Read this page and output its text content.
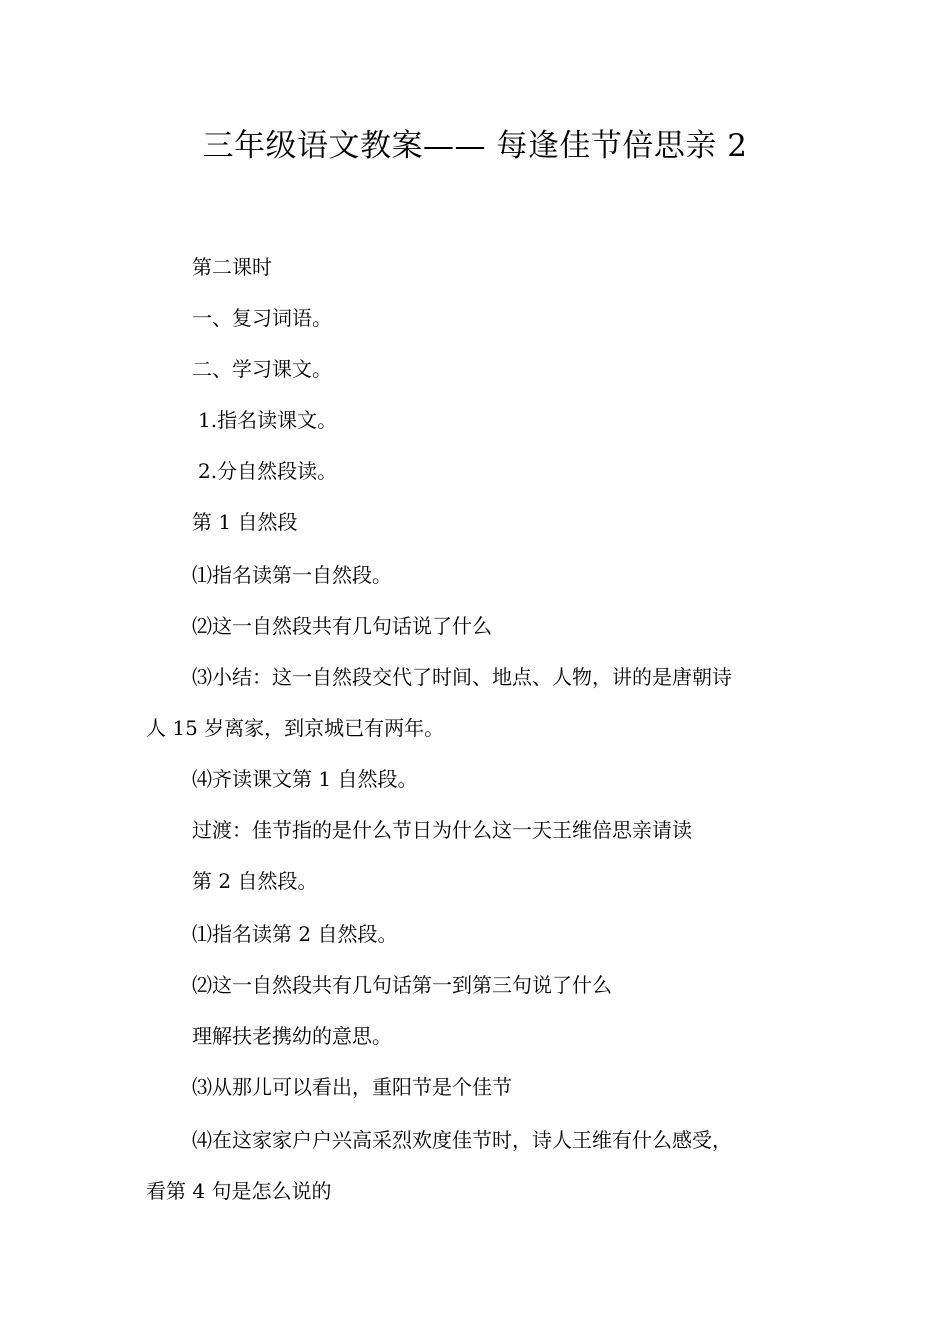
三年级语文教案—— 每逢佳节倍思亲 2
第二课时
一、复习词语。
二、学习课文。
1.指名读课文。
2.分自然段读。
第 1 自然段
⑴指名读第一自然段。
⑵这一自然段共有几句话说了什么
⑶小结：这一自然段交代了时间、地点、人物，讲的是唐朝诗
人 15 岁离家，到京城已有两年。
⑷齐读课文第 1 自然段。
过渡：佳节指的是什么节日为什么这一天王维倍思亲请读
第 2 自然段。
⑴指名读第 2 自然段。
⑵这一自然段共有几句话第一到第三句说了什么
理解扶老携幼的意思。
⑶从那儿可以看出，重阳节是个佳节
⑷在这家家户户兴高采烈欢度佳节时，诗人王维有什么感受，
看第 4 句是怎么说的
